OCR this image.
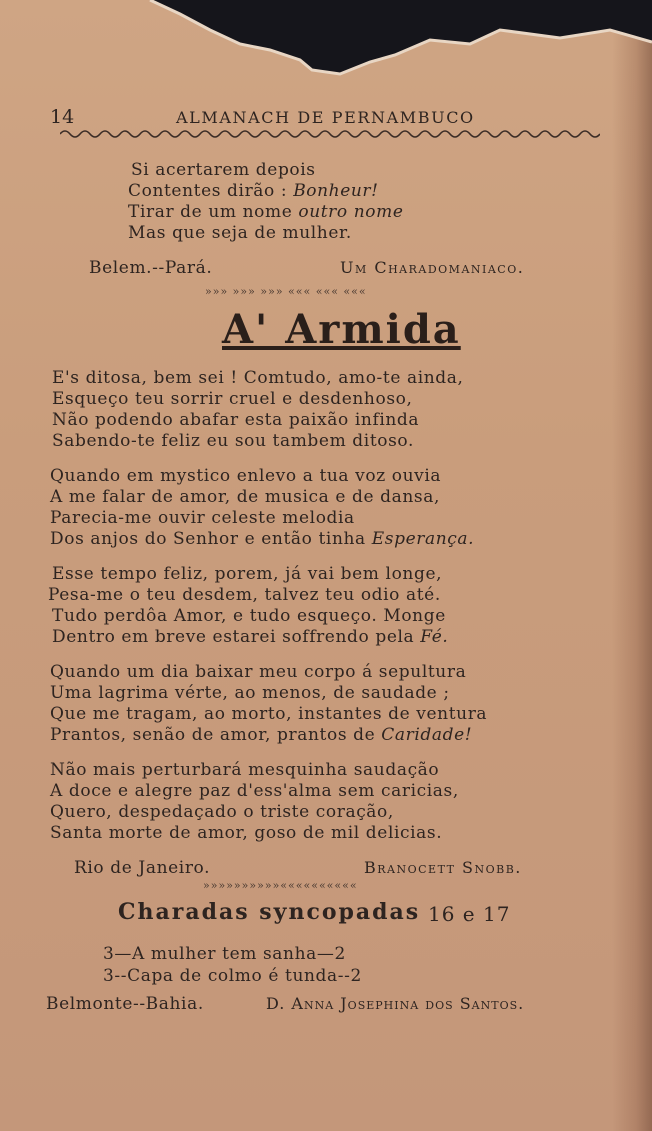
14	ALMANACH DE PERNAMBUCO
Si acertarem depois
Contentes dirão : Bonheur!
Tirar de um nome outro nome
Mas que seja de mulher.
Belem.--Pará.	Um Charadomaniaco.
»»» »»» »»» ««« ««« «««
A' Armida
E's ditosa, bem sei ! Comtudo, amo-te ainda,
Esqueço teu sorrir cruel e desdenhoso,
Não podendo abafar esta paixão infinda
Sabendo-te feliz eu sou tambem ditoso.
Quando em mystico enlevo a tua voz ouvia
A me falar de amor, de musica e de dansa,
Parecia-me ouvir celeste melodia
Dos anjos do Senhor e então tinha Esperança.
Esse tempo feliz, porem, já vai bem longe,
Pesa-me o teu desdem, talvez teu odio até.
Tudo perdôa Amor, e tudo esqueço. Monge
Dentro em breve estarei soffrendo pela Fé.
Quando um dia baixar meu corpo á sepultura
Uma lagrima vérte, ao menos, de saudade ;
Que me tragam, ao morto, instantes de ventura
Prantos, senão de amor, prantos de Caridade!
Não mais perturbará mesquinha saudação
A doce e alegre paz d'ess'alma sem caricias,
Quero, despedaçado o triste coração,
Santa morte de amor, goso de mil delicias.
Rio de Janeiro.	Branocett Snobb.
»»»»»»»»»»««««««««««
Charadas syncopadas 16 e 17
3—A mulher tem sanha—2
3--Capa de colmo é tunda--2
Belmonte--Bahia.	D. Anna Josephina dos Santos.
